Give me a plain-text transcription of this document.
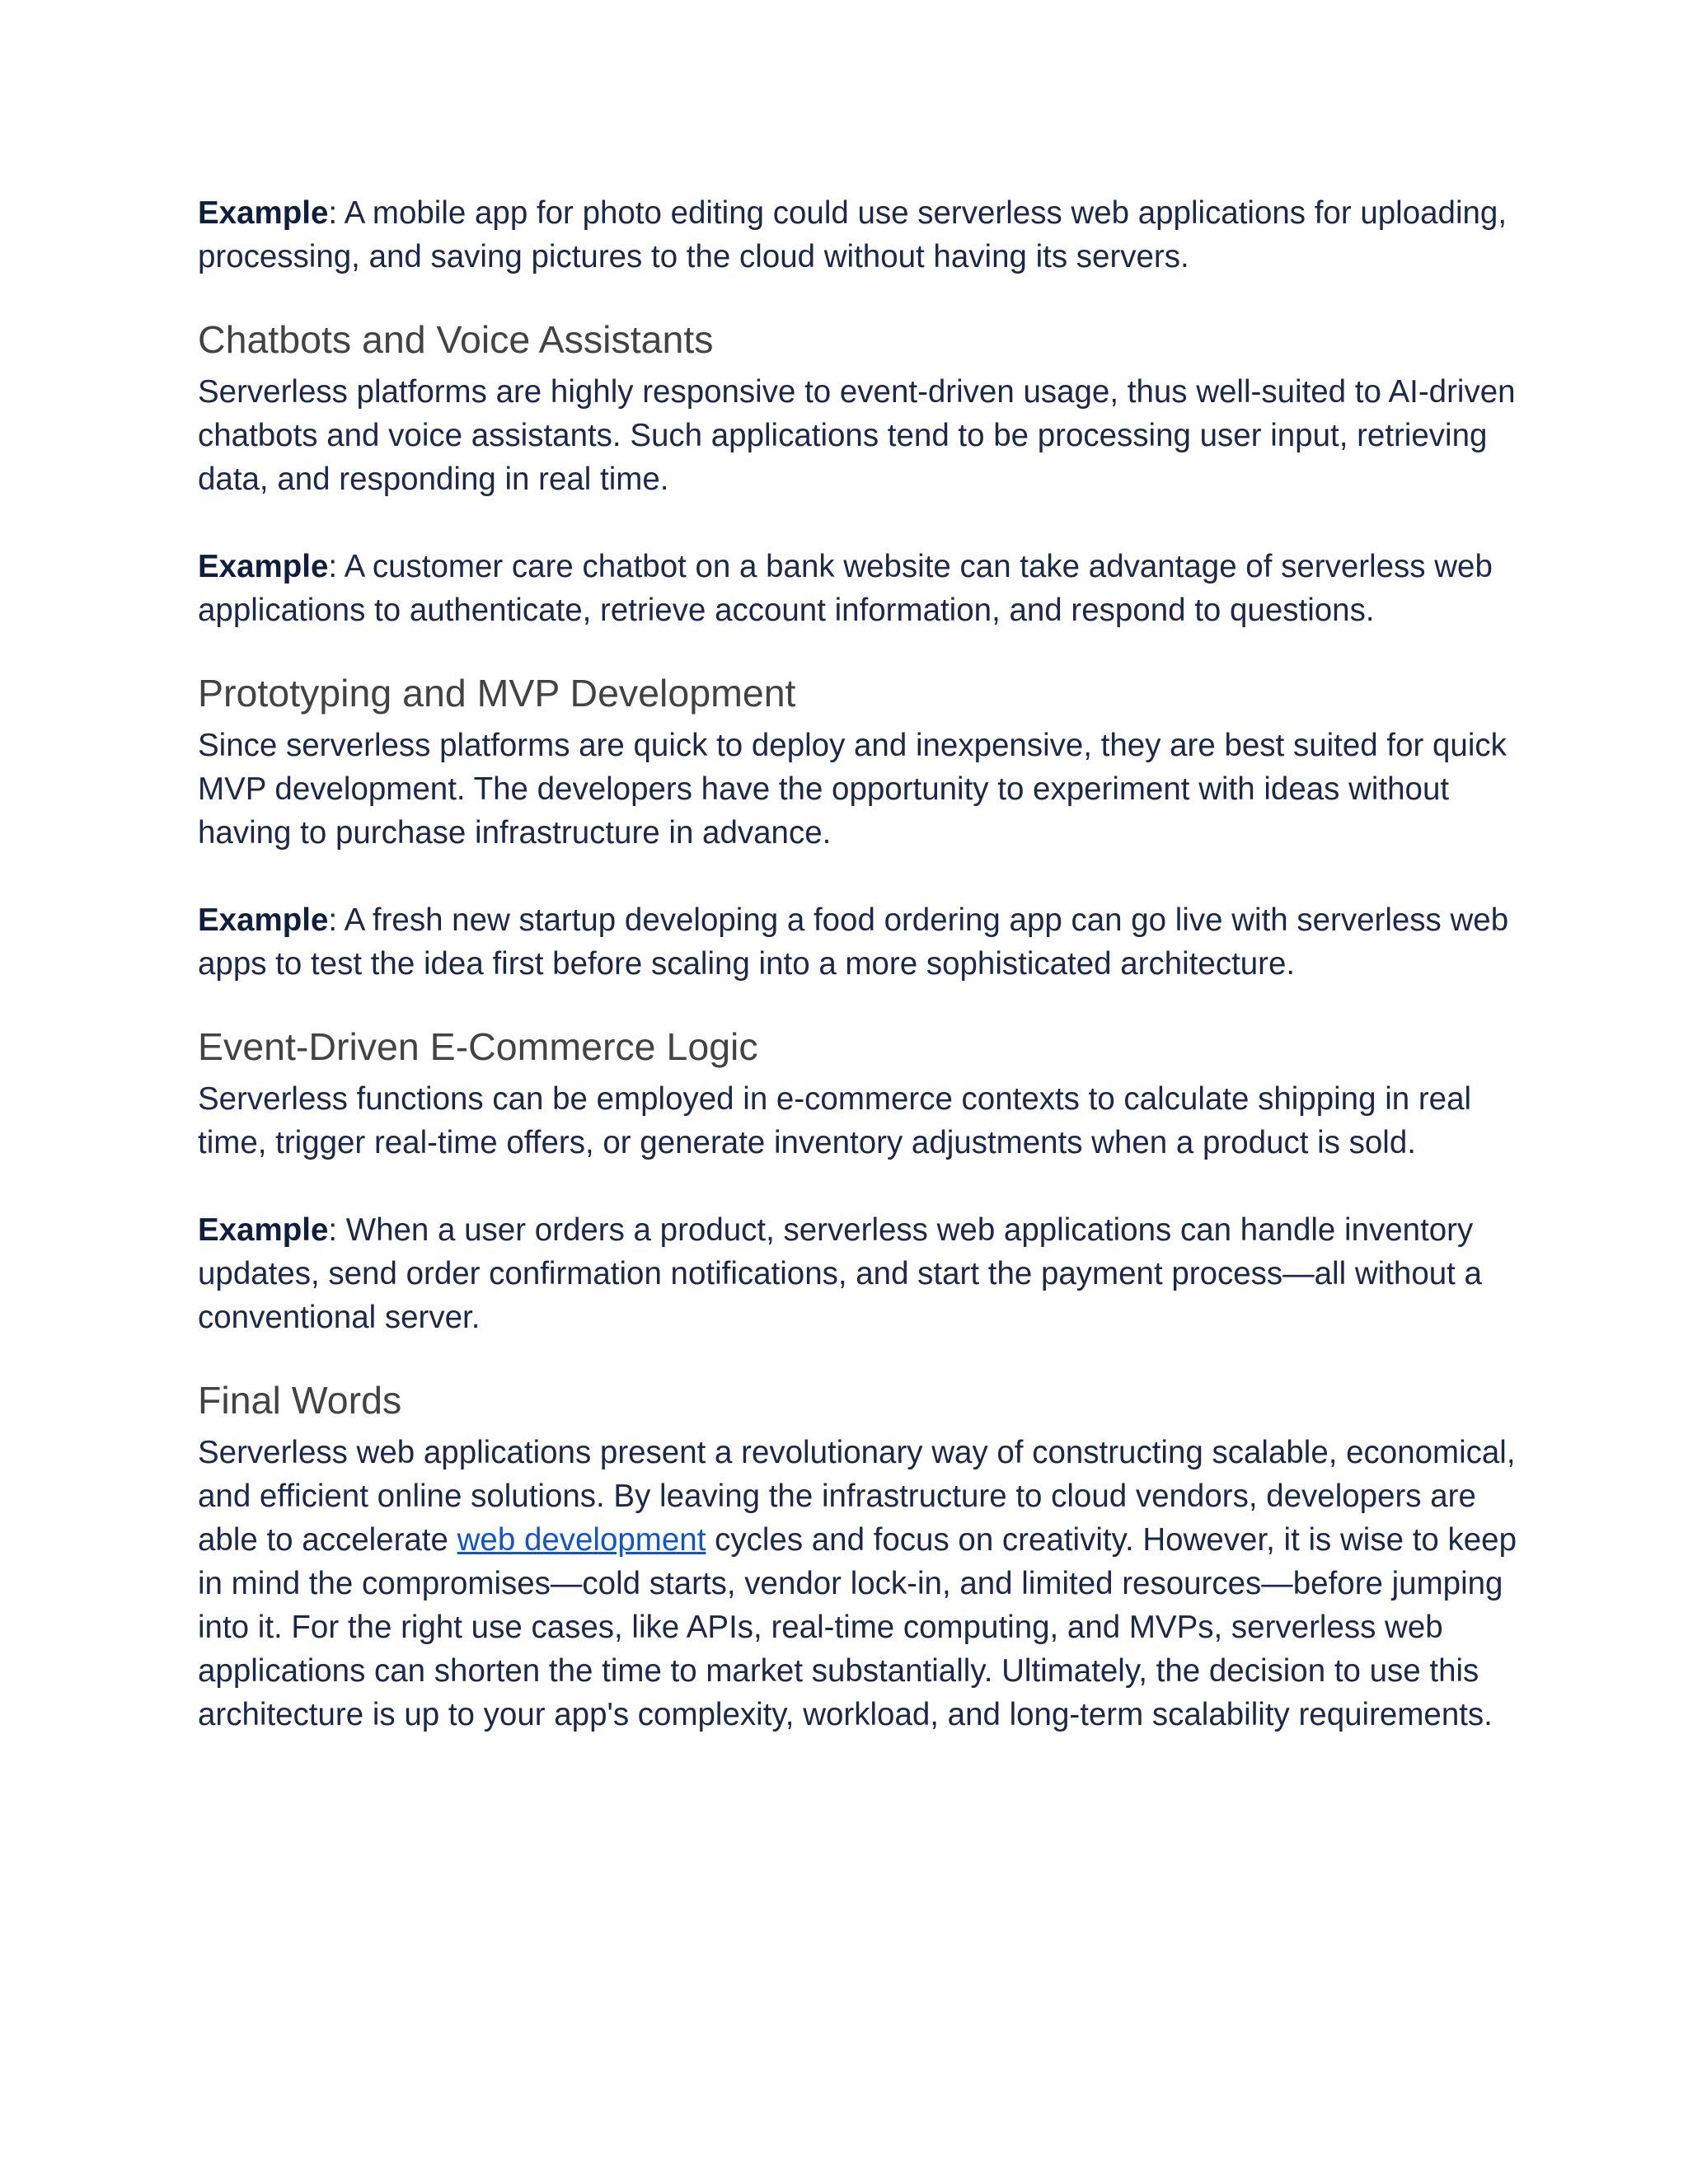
Example: A mobile app for photo editing could use serverless web applications for uploading, processing, and saving pictures to the cloud without having its servers.

Chatbots and Voice Assistants

Serverless platforms are highly responsive to event-driven usage, thus well-suited to AI-driven chatbots and voice assistants. Such applications tend to be processing user input, retrieving data, and responding in real time.

Example: A customer care chatbot on a bank website can take advantage of serverless web applications to authenticate, retrieve account information, and respond to questions.

Prototyping and MVP Development

Since serverless platforms are quick to deploy and inexpensive, they are best suited for quick MVP development. The developers have the opportunity to experiment with ideas without having to purchase infrastructure in advance.

Example: A fresh new startup developing a food ordering app can go live with serverless web apps to test the idea first before scaling into a more sophisticated architecture.

Event-Driven E-Commerce Logic

Serverless functions can be employed in e-commerce contexts to calculate shipping in real time, trigger real-time offers, or generate inventory adjustments when a product is sold.

Example: When a user orders a product, serverless web applications can handle inventory updates, send order confirmation notifications, and start the payment process—all without a conventional server.

Final Words

Serverless web applications present a revolutionary way of constructing scalable, economical, and efficient online solutions. By leaving the infrastructure to cloud vendors, developers are able to accelerate web development cycles and focus on creativity. However, it is wise to keep in mind the compromises—cold starts, vendor lock-in, and limited resources—before jumping into it. For the right use cases, like APIs, real-time computing, and MVPs, serverless web applications can shorten the time to market substantially. Ultimately, the decision to use this architecture is up to your app's complexity, workload, and long-term scalability requirements.
